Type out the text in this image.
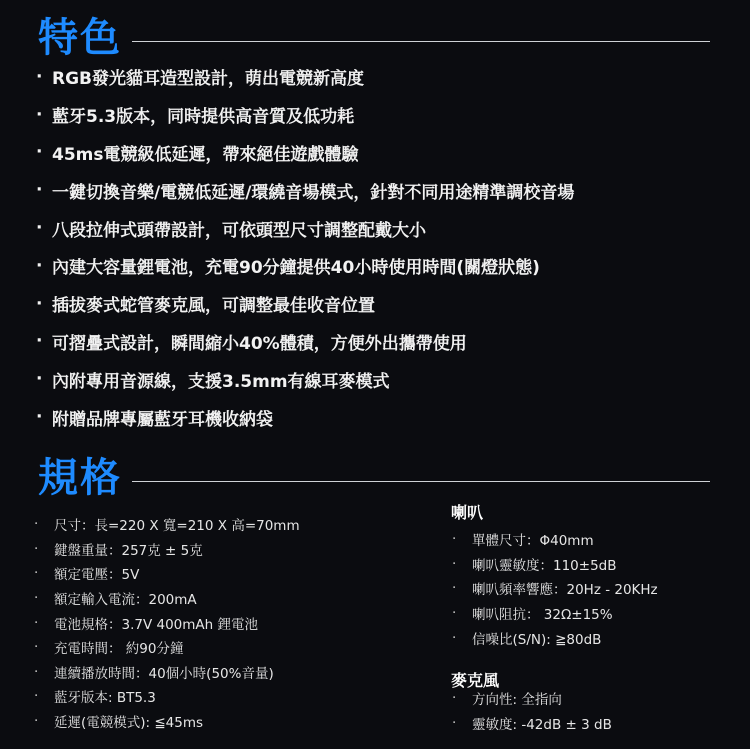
特色
· RGB發光貓耳造型設計，萌出電競新高度
· 藍牙5.3版本，同時提供高音質及低功耗
· 45ms電競級低延遲，帶來絕佳遊戲體驗
· 一鍵切換音樂/電競低延遲/環繞音場模式，針對不同用途精準調校音場
· 八段拉伸式頭帶設計，可依頭型尺寸調整配戴大小
· 內建大容量鋰電池，充電90分鐘提供40小時使用時間(關燈狀態)
· 插拔麥式蛇管麥克風，可調整最佳收音位置
· 可摺疊式設計，瞬間縮小40%體積，方便外出攜帶使用
· 內附專用音源線，支援3.5mm有線耳麥模式
· 附贈品牌專屬藍牙耳機收納袋
規格
·	尺寸：長=220 X 寬=210 X 高=70mm
·	鍵盤重量：257克 ± 5克
·	額定電壓：5V
·	額定輸入電流：200mA
·	電池規格：3.7V 400mAh 鋰電池
·	充電時間： 約90分鐘
·	連續播放時間：40個小時(50%音量)
·	藍牙版本: BT5.3
·	延遲(電競模式): ≦45ms
喇叭
·	單體尺寸：Φ40mm
·	喇叭靈敏度：110±5dB
·	喇叭頻率響應：20Hz - 20KHz
·	喇叭阻抗： 32Ω±15%
·	信噪比(S/N): ≧80dB
麥克風
·	方向性: 全指向
·	靈敏度: -42dB ± 3 dB
